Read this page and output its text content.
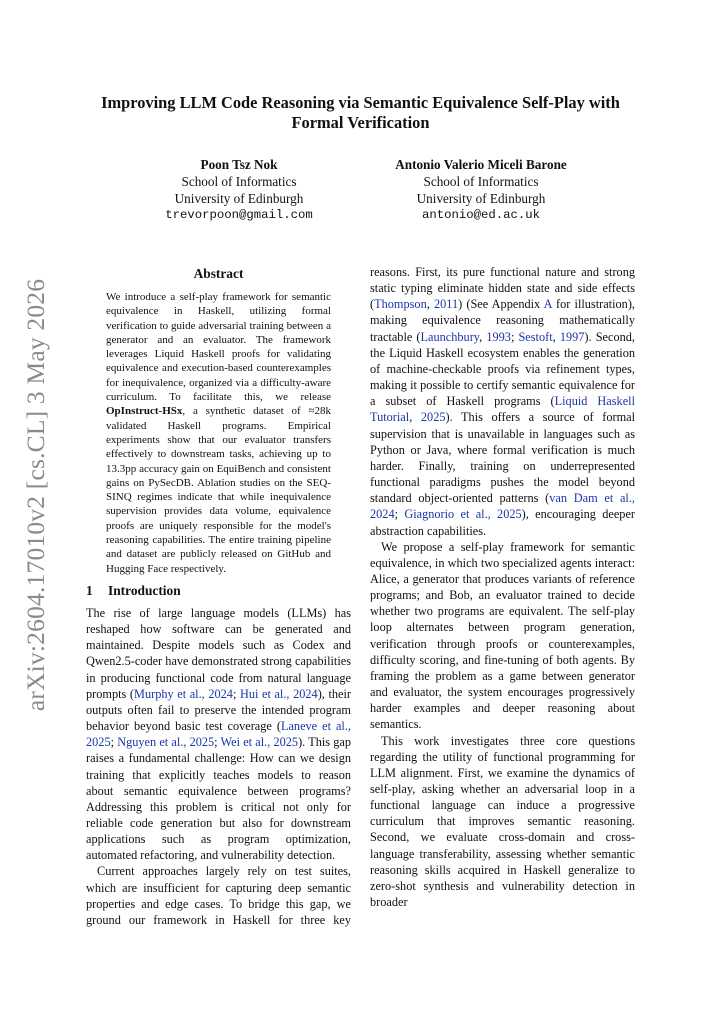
arXiv:2604.17010v2 [cs.CL] 3 May 2026
Improving LLM Code Reasoning via Semantic Equivalence Self-Play with Formal Verification
Poon Tsz Nok
School of Informatics
University of Edinburgh
trevorpoon@gmail.com
Antonio Valerio Miceli Barone
School of Informatics
University of Edinburgh
antonio@ed.ac.uk
Abstract

We introduce a self-play framework for semantic equivalence in Haskell, utilizing formal verification to guide adversarial training between a generator and an evaluator. The framework leverages Liquid Haskell proofs for validating equivalence and execution-based counterexamples for inequivalence, organized via a difficulty-aware curriculum. To facilitate this, we release OpInstruct-HSx, a synthetic dataset of ≈28k validated Haskell programs. Empirical experiments show that our evaluator transfers effectively to downstream tasks, achieving up to 13.3pp accuracy gain on EquiBench and consistent gains on PySecDB. Ablation studies on the SEQ-SINQ regimes indicate that while inequivalence supervision provides data volume, equivalence proofs are uniquely responsible for the model's reasoning capabilities. The entire training pipeline and dataset are publicly released on GitHub and Hugging Face respectively.

1 Introduction

The rise of large language models (LLMs) has reshaped how software can be generated and maintained. Despite models such as Codex and Qwen2.5-coder have demonstrated strong capabilities in producing functional code from natural language prompts (Murphy et al., 2024; Hui et al., 2024), their outputs often fail to preserve the intended program behavior beyond basic test coverage (Laneve et al., 2025; Nguyen et al., 2025; Wei et al., 2025). This gap raises a fundamental challenge: How can we design training that explicitly teaches models to reason about semantic equivalence between programs? Addressing this problem is critical not only for reliable code generation but also for downstream applications such as program optimization, automated refactoring, and vulnerability detection.

Current approaches largely rely on test suites, which are insufficient for capturing deep semantic properties and edge cases. To bridge this gap, we ground our framework in Haskell for three key

reasons. First, its pure functional nature and strong static typing eliminate hidden state and side effects (Thompson, 2011) (See Appendix A for illustration), making equivalence reasoning mathematically tractable (Launchbury, 1993; Sestoft, 1997). Second, the Liquid Haskell ecosystem enables the generation of machine-checkable proofs via refinement types, making it possible to certify semantic equivalence for a subset of Haskell programs (Liquid Haskell Tutorial, 2025). This offers a source of formal supervision that is unavailable in languages such as Python or Java, where formal verification is much harder. Finally, training on underrepresented functional paradigms pushes the model beyond standard object-oriented patterns (van Dam et al., 2024; Giagnorio et al., 2025), encouraging deeper abstraction capabilities.

We propose a self-play framework for semantic equivalence, in which two specialized agents interact: Alice, a generator that produces variants of reference programs; and Bob, an evaluator trained to decide whether two programs are equivalent. The self-play loop alternates between program generation, verification through proofs or counterexamples, difficulty scoring, and fine-tuning of both agents. By framing the problem as a game between generator and evaluator, the system encourages progressively harder examples and deeper reasoning about semantics.

This work investigates three core questions regarding the utility of functional programming for LLM alignment. First, we examine the dynamics of self-play, asking whether an adversarial loop in a functional language can induce a progressive curriculum that improves semantic reasoning. Second, we evaluate cross-domain and cross-language transferability, assessing whether semantic reasoning skills acquired in Haskell generalize to zero-shot synthesis and vulnerability detection in broader
